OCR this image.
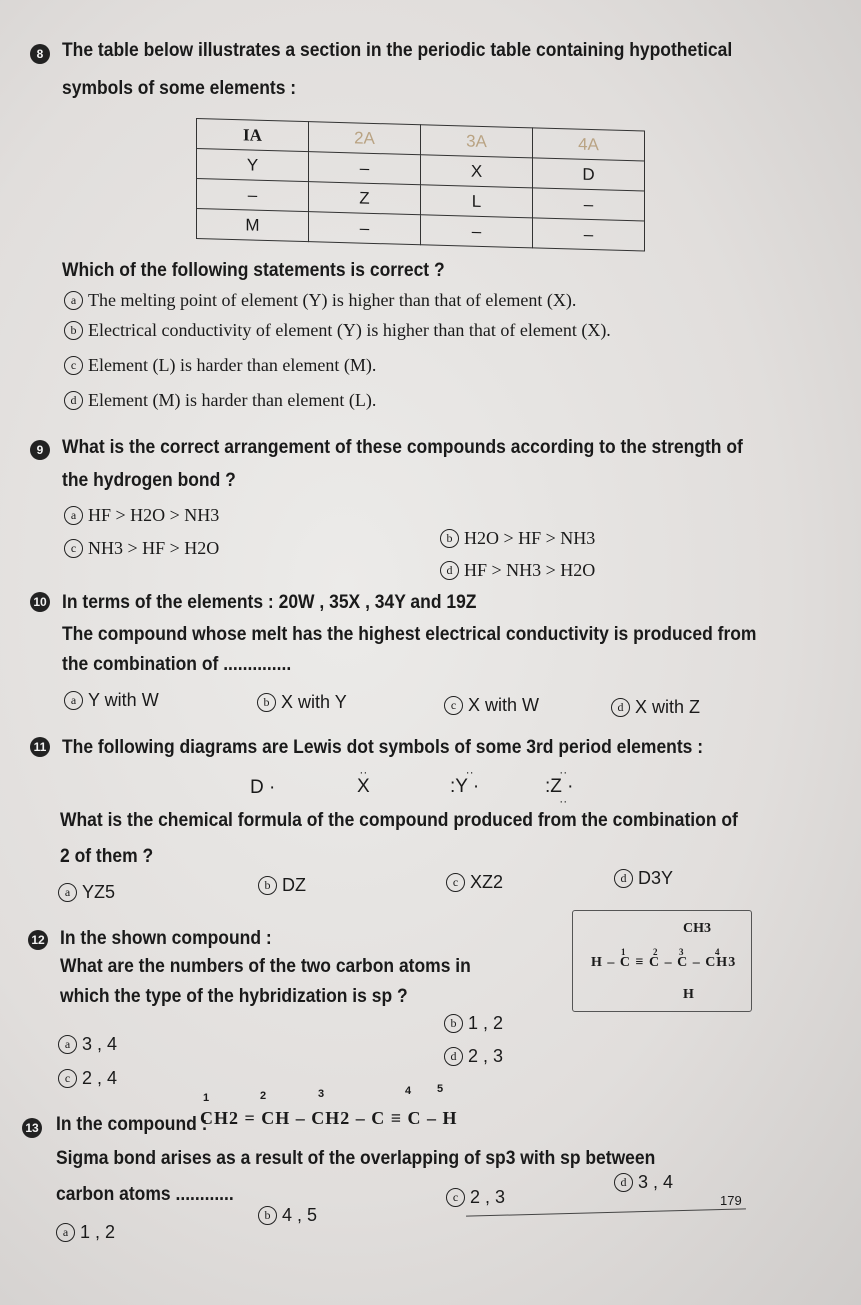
8 The table below illustrates a section in the periodic table containing hypothetical
symbols of some elements :
IA	2A	3A	4A
Y	–	X	D
–	Z	L	–
M	–	–	–
Which of the following statements is correct ?
a The melting point of element (Y) is higher than that of element (X).
b Electrical conductivity of element (Y) is higher than that of element (X).
c Element (L) is harder than element (M).
d Element (M) is harder than element (L).
9 What is the correct arrangement of these compounds according to the strength of
the hydrogen bond ?
a HF > H2O > NH3
b H2O > HF > NH3
c NH3 > HF > H2O
d HF > NH3 > H2O
10 In terms of the elements : 20W , 35X , 34Y and 19Z
The compound whose melt has the highest electrical conductivity is produced from
the combination of ..............
a Y with W	b X with Y	c X with W	d X with Z
11 The following diagrams are Lewis dot symbols of some 3rd period elements :
D ·
··
X
··
:Y ·
··
:Z ·
··
What is the chemical formula of the compound produced from the combination of
2 of them ?
a YZ5	b DZ	c XZ2	d D3Y
12 In the shown compound :
What are the numbers of the two carbon atoms in
which the type of the hybridization is sp ?
CH3
H – C ≡ C – C – CH3
H
1	2 3	4
a 3 , 4
b 1 , 2
c 2 , 4
d 2 , 3
13 In the compound :
CH2 = CH – CH2 – C ≡ C – H
1	2	3	4 5
Sigma bond arises as a result of the overlapping of sp3 with sp between
carbon atoms ............
a 1 , 2
b 4 , 5
c 2 , 3
d 3 , 4
179
